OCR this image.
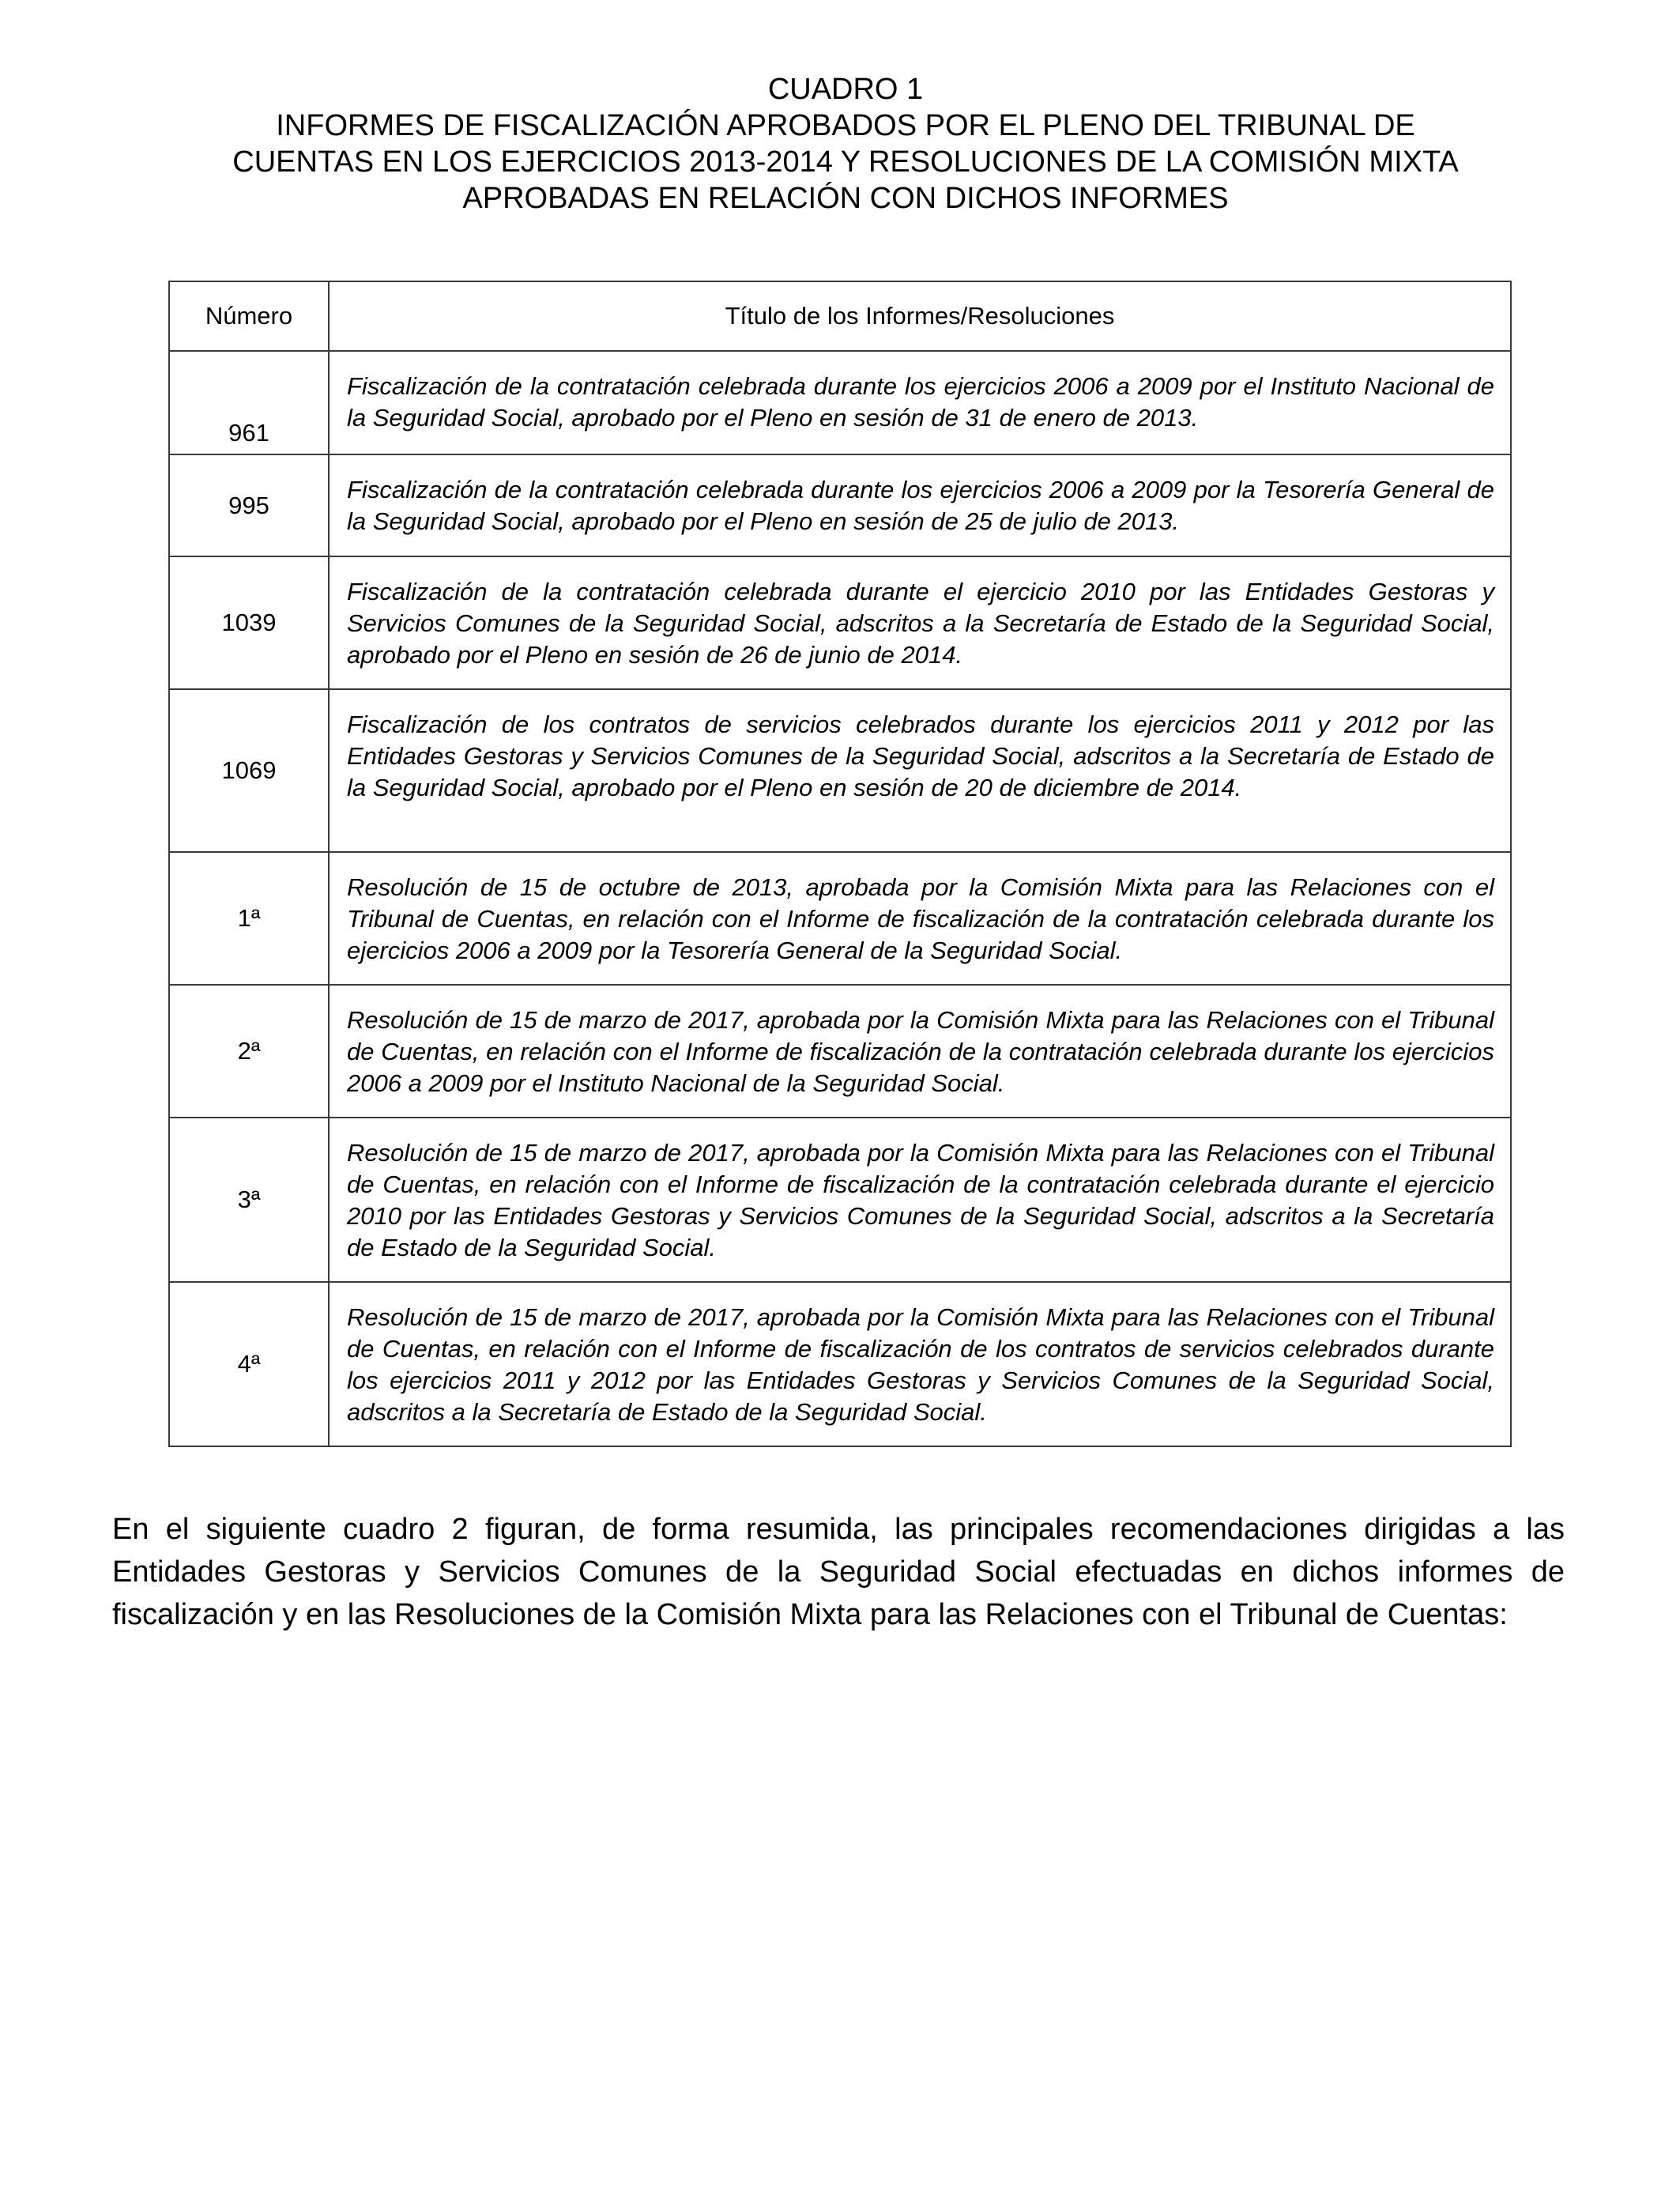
CUADRO 1
INFORMES DE FISCALIZACIÓN APROBADOS POR EL PLENO DEL TRIBUNAL DE
CUENTAS EN LOS EJERCICIOS 2013-2014 Y RESOLUCIONES DE LA COMISIÓN MIXTA
APROBADAS EN RELACIÓN CON DICHOS INFORMES
Número	Título de los Informes/Resoluciones
961	Fiscalización de la contratación celebrada durante los ejercicios 2006 a 2009 por el Instituto Nacional de la Seguridad Social, aprobado por el Pleno en sesión de 31 de enero de 2013.
995	Fiscalización de la contratación celebrada durante los ejercicios 2006 a 2009 por la Tesorería General de la Seguridad Social, aprobado por el Pleno en sesión de 25 de julio de 2013.
1039	Fiscalización de la contratación celebrada durante el ejercicio 2010 por las Entidades Gestoras y Servicios Comunes de la Seguridad Social, adscritos a la Secretaría de Estado de la Seguridad Social, aprobado por el Pleno en sesión de 26 de junio de 2014.
1069	Fiscalización de los contratos de servicios celebrados durante los ejercicios 2011 y 2012 por las Entidades Gestoras y Servicios Comunes de la Seguridad Social, adscritos a la Secretaría de Estado de la Seguridad Social, aprobado por el Pleno en sesión de 20 de diciembre de 2014.
1ª	Resolución de 15 de octubre de 2013, aprobada por la Comisión Mixta para las Relaciones con el Tribunal de Cuentas, en relación con el Informe de fiscalización de la contratación celebrada durante los ejercicios 2006 a 2009 por la Tesorería General de la Seguridad Social.
2ª	Resolución de 15 de marzo de 2017, aprobada por la Comisión Mixta para las Relaciones con el Tribunal de Cuentas, en relación con el Informe de fiscalización de la contratación celebrada durante los ejercicios 2006 a 2009 por el Instituto Nacional de la Seguridad Social.
3ª	Resolución de 15 de marzo de 2017, aprobada por la Comisión Mixta para las Relaciones con el Tribunal de Cuentas, en relación con el Informe de fiscalización de la contratación celebrada durante el ejercicio 2010 por las Entidades Gestoras y Servicios Comunes de la Seguridad Social, adscritos a la Secretaría de Estado de la Seguridad Social.
4ª	Resolución de 15 de marzo de 2017, aprobada por la Comisión Mixta para las Relaciones con el Tribunal de Cuentas, en relación con el Informe de fiscalización de los contratos de servicios celebrados durante los ejercicios 2011 y 2012 por las Entidades Gestoras y Servicios Comunes de la Seguridad Social, adscritos a la Secretaría de Estado de la Seguridad Social.
En el siguiente cuadro 2 figuran, de forma resumida, las principales recomendaciones dirigidas a las Entidades Gestoras y Servicios Comunes de la Seguridad Social efectuadas en dichos informes de fiscalización y en las Resoluciones de la Comisión Mixta para las Relaciones con el Tribunal de Cuentas:
